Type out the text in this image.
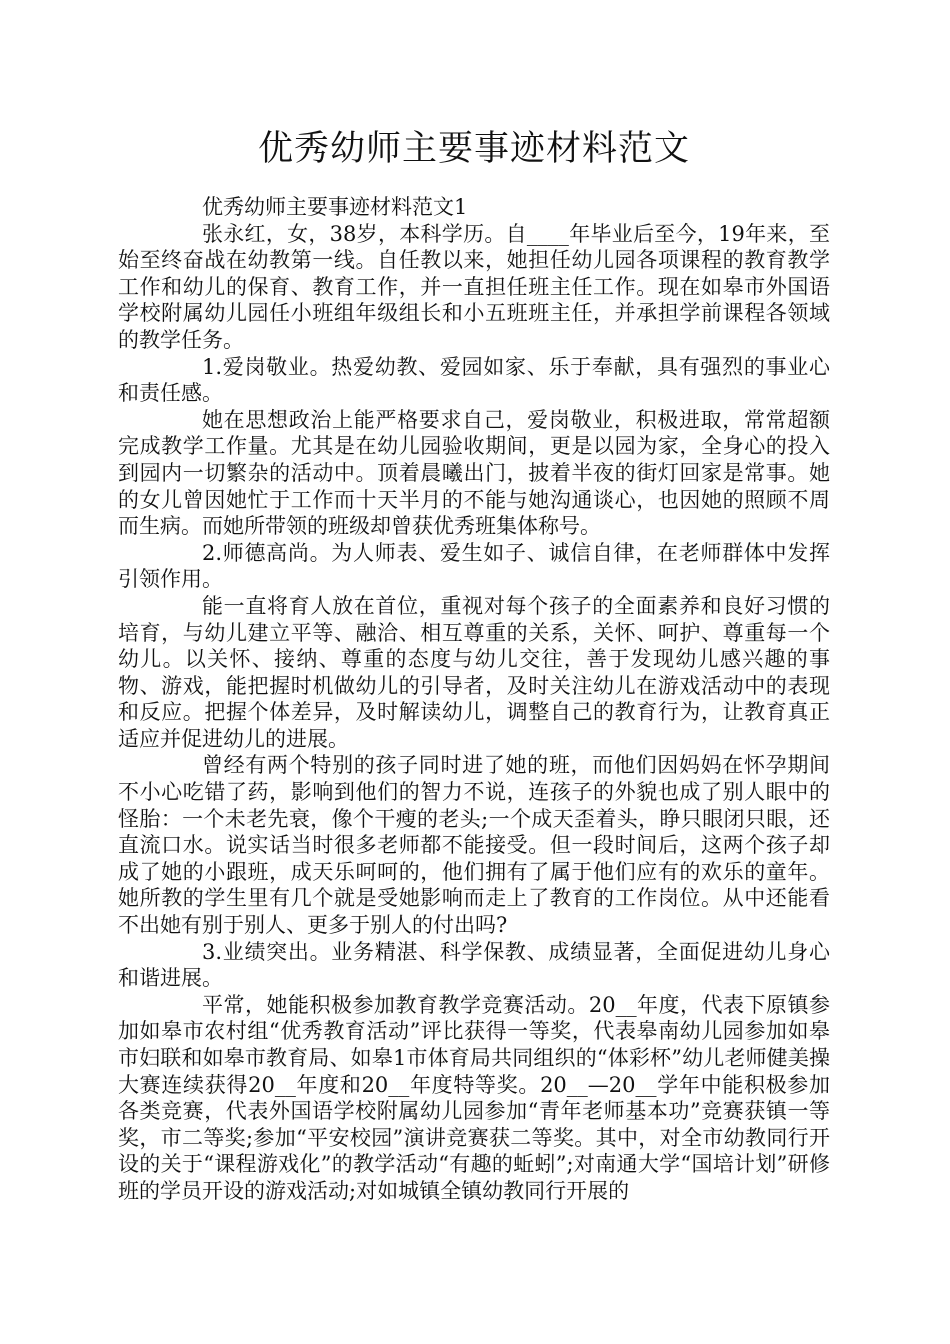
优秀幼师主要事迹材料范文

优秀幼师主要事迹材料范文1

张永红，女，38岁，本科学历。自____年毕业后至今，19年来，至始至终奋战在幼教第一线。自任教以来，她担任幼儿园各项课程的教育教学工作和幼儿的保育、教育工作，并一直担任班主任工作。现在如皋市外国语学校附属幼儿园任小班组年级组长和小五班班主任，并承担学前课程各领域的教学任务。

1.爱岗敬业。热爱幼教、爱园如家、乐于奉献，具有强烈的事业心和责任感。

她在思想政治上能严格要求自己，爱岗敬业，积极进取，常常超额完成教学工作量。尤其是在幼儿园验收期间，更是以园为家，全身心的投入到园内一切繁杂的活动中。顶着晨曦出门，披着半夜的街灯回家是常事。她的女儿曾因她忙于工作而十天半月的不能与她沟通谈心，也因她的照顾不周而生病。而她所带领的班级却曾获优秀班集体称号。

2.师德高尚。为人师表、爱生如子、诚信自律，在老师群体中发挥引领作用。

能一直将育人放在首位，重视对每个孩子的全面素养和良好习惯的培育，与幼儿建立平等、融洽、相互尊重的关系，关怀、呵护、尊重每一个幼儿。以关怀、接纳、尊重的态度与幼儿交往，善于发现幼儿感兴趣的事物、游戏，能把握时机做幼儿的引导者，及时关注幼儿在游戏活动中的表现和反应。把握个体差异，及时解读幼儿，调整自己的教育行为，让教育真正适应并促进幼儿的进展。

曾经有两个特别的孩子同时进了她的班，而他们因妈妈在怀孕期间不小心吃错了药，影响到他们的智力不说，连孩子的外貌也成了别人眼中的怪胎：一个未老先衰，像个干瘦的老头;一个成天歪着头，睁只眼闭只眼，还直流口水。说实话当时很多老师都不能接受。但一段时间后，这两个孩子却成了她的小跟班，成天乐呵呵的，他们拥有了属于他们应有的欢乐的童年。她所教的学生里有几个就是受她影响而走上了教育的工作岗位。从中还能看不出她有别于别人、更多于别人的付出吗?

3.业绩突出。业务精湛、科学保教、成绩显著，全面促进幼儿身心和谐进展。

平常，她能积极参加教育教学竞赛活动。20__年度，代表下原镇参加如皋市农村组“优秀教育活动”评比获得一等奖，代表皋南幼儿园参加如皋市妇联和如皋市教育局、如皋1市体育局共同组织的“体彩杯”幼儿老师健美操大赛连续获得20__年度和20__年度特等奖。20__—20__学年中能积极参加各类竞赛，代表外国语学校附属幼儿园参加“青年老师基本功”竞赛获镇一等奖，市二等奖;参加“平安校园”演讲竞赛获二等奖。其中，对全市幼教同行开设的关于“课程游戏化”的教学活动“有趣的蚯蚓”;对南通大学“国培计划”研修班的学员开设的游戏活动;对如城镇全镇幼教同行开展的
